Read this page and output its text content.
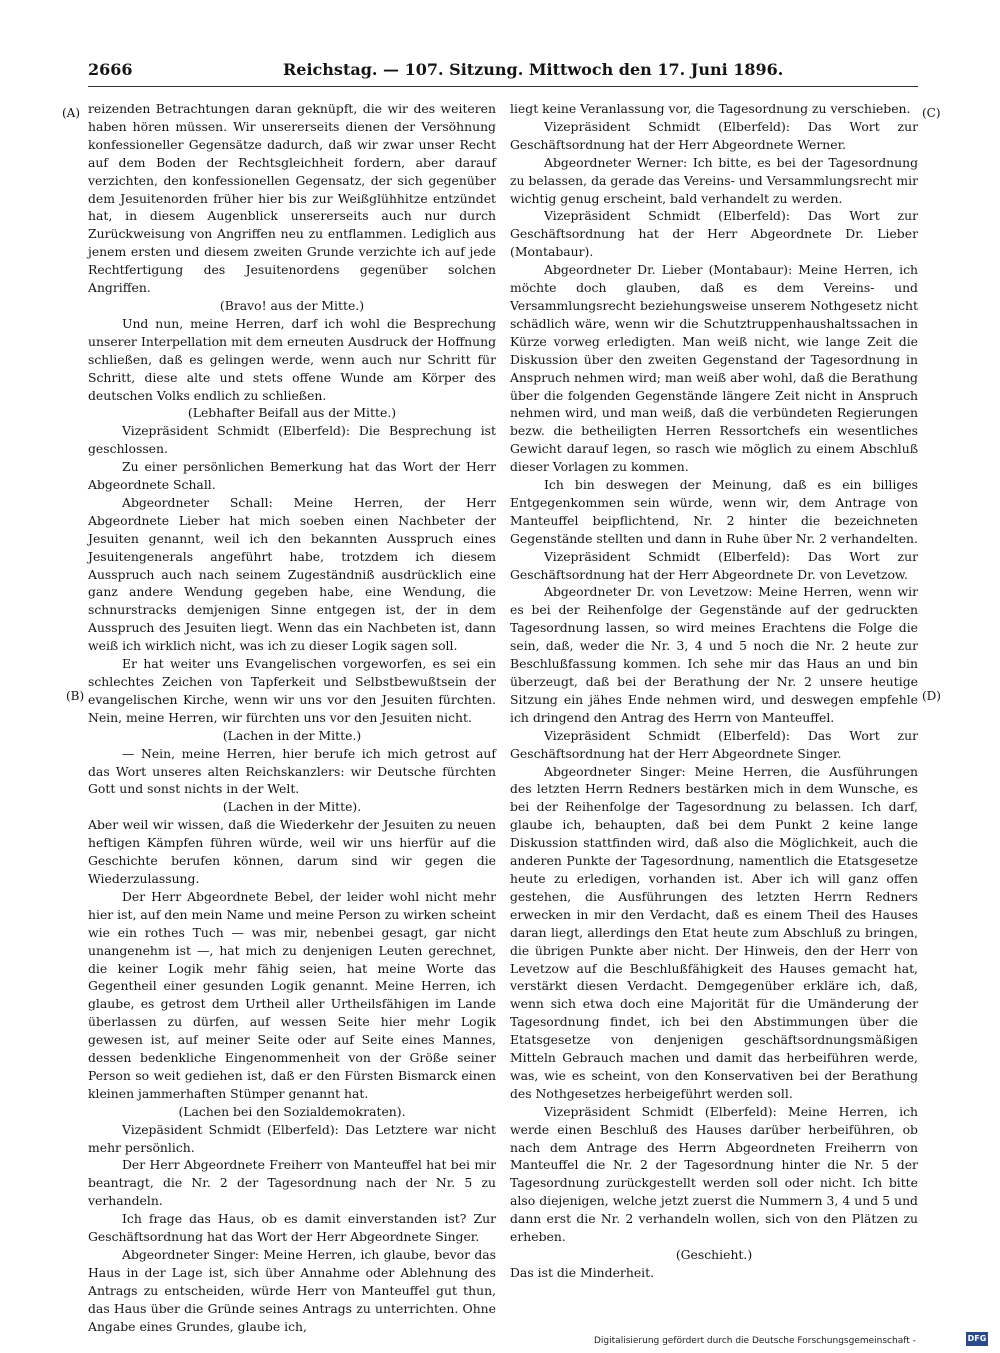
2666	Reichstag. — 107. Sitzung. Mittwoch den 17. Juni 1896.
(A)
(B)
(C)
(D)

reizenden Betrachtungen daran geknüpft, die wir des weiteren haben hören müssen. Wir unsererseits dienen der Versöhnung konfessioneller Gegensätze dadurch, daß wir zwar unser Recht auf dem Boden der Rechtsgleichheit fordern, aber darauf verzichten, den konfessionellen Gegensatz, der sich gegenüber dem Jesuitenorden früher hier bis zur Weißglühhitze entzündet hat, in diesem Augenblick unsererseits auch nur durch Zurückweisung von Angriffen neu zu entflammen. Lediglich aus jenem ersten und diesem zweiten Grunde verzichte ich auf jede Rechtfertigung des Jesuitenordens gegenüber solchen Angriffen.

(Bravo! aus der Mitte.)

Und nun, meine Herren, darf ich wohl die Besprechung unserer Interpellation mit dem erneuten Ausdruck der Hoffnung schließen, daß es gelingen werde, wenn auch nur Schritt für Schritt, diese alte und stets offene Wunde am Körper des deutschen Volks endlich zu schließen.

(Lebhafter Beifall aus der Mitte.)

Vizepräsident Schmidt (Elberfeld): Die Besprechung ist geschlossen.

Zu einer persönlichen Bemerkung hat das Wort der Herr Abgeordnete Schall.

Abgeordneter Schall: Meine Herren, der Herr Abgeordnete Lieber hat mich soeben einen Nachbeter der Jesuiten genannt, weil ich den bekannten Ausspruch eines Jesuitengenerals angeführt habe, trotzdem ich diesem Ausspruch auch nach seinem Zugeständniß ausdrücklich eine ganz andere Wendung gegeben habe, eine Wendung, die schnurstracks demjenigen Sinne entgegen ist, der in dem Ausspruch des Jesuiten liegt. Wenn das ein Nachbeten ist, dann weiß ich wirklich nicht, was ich zu dieser Logik sagen soll.

Er hat weiter uns Evangelischen vorgeworfen, es sei ein schlechtes Zeichen von Tapferkeit und Selbstbewußtsein der evangelischen Kirche, wenn wir uns vor den Jesuiten fürchten. Nein, meine Herren, wir fürchten uns vor den Jesuiten nicht.

(Lachen in der Mitte.)

— Nein, meine Herren, hier berufe ich mich getrost auf das Wort unseres alten Reichskanzlers: wir Deutsche fürchten Gott und sonst nichts in der Welt.

(Lachen in der Mitte).

Aber weil wir wissen, daß die Wiederkehr der Jesuiten zu neuen heftigen Kämpfen führen würde, weil wir uns hierfür auf die Geschichte berufen können, darum sind wir gegen die Wiederzulassung.

Der Herr Abgeordnete Bebel, der leider wohl nicht mehr hier ist, auf den mein Name und meine Person zu wirken scheint wie ein rothes Tuch — was mir, nebenbei gesagt, gar nicht unangenehm ist —, hat mich zu denjenigen Leuten gerechnet, die keiner Logik mehr fähig seien, hat meine Worte das Gegentheil einer gesunden Logik genannt. Meine Herren, ich glaube, es getrost dem Urtheil aller Urtheilsfähigen im Lande überlassen zu dürfen, auf wessen Seite hier mehr Logik gewesen ist, auf meiner Seite oder auf Seite eines Mannes, dessen bedenkliche Eingenommenheit von der Größe seiner Person so weit gediehen ist, daß er den Fürsten Bismarck einen kleinen jammerhaften Stümper genannt hat.

(Lachen bei den Sozialdemokraten).

Vizepäsident Schmidt (Elberfeld): Das Letztere war nicht mehr persönlich.

Der Herr Abgeordnete Freiherr von Manteuffel hat bei mir beantragt, die Nr. 2 der Tagesordnung nach der Nr. 5 zu verhandeln.

Ich frage das Haus, ob es damit einverstanden ist? Zur Geschäftsordnung hat das Wort der Herr Abgeordnete Singer.

Abgeordneter Singer: Meine Herren, ich glaube, bevor das Haus in der Lage ist, sich über Annahme oder Ablehnung des Antrags zu entscheiden, würde Herr von Manteuffel gut thun, das Haus über die Gründe seines Antrags zu unterrichten. Ohne Angabe eines Grundes, glaube ich,

liegt keine Veranlassung vor, die Tagesordnung zu verschieben.

Vizepräsident Schmidt (Elberfeld): Das Wort zur Geschäftsordnung hat der Herr Abgeordnete Werner.

Abgeordneter Werner: Ich bitte, es bei der Tagesordnung zu belassen, da gerade das Vereins- und Versammlungsrecht mir wichtig genug erscheint, bald verhandelt zu werden.

Vizepräsident Schmidt (Elberfeld): Das Wort zur Geschäftsordnung hat der Herr Abgeordnete Dr. Lieber (Montabaur).

Abgeordneter Dr. Lieber (Montabaur): Meine Herren, ich möchte doch glauben, daß es dem Vereins- und Versammlungsrecht beziehungsweise unserem Nothgesetz nicht schädlich wäre, wenn wir die Schutztruppenhaushaltssachen in Kürze vorweg erledigten. Man weiß nicht, wie lange Zeit die Diskussion über den zweiten Gegenstand der Tagesordnung in Anspruch nehmen wird; man weiß aber wohl, daß die Berathung über die folgenden Gegenstände längere Zeit nicht in Anspruch nehmen wird, und man weiß, daß die verbündeten Regierungen bezw. die betheiligten Herren Ressortchefs ein wesentliches Gewicht darauf legen, so rasch wie möglich zu einem Abschluß dieser Vorlagen zu kommen.

Ich bin deswegen der Meinung, daß es ein billiges Entgegenkommen sein würde, wenn wir, dem Antrage von Manteuffel beipflichtend, Nr. 2 hinter die bezeichneten Gegenstände stellten und dann in Ruhe über Nr. 2 verhandelten.

Vizepräsident Schmidt (Elberfeld): Das Wort zur Geschäftsordnung hat der Herr Abgeordnete Dr. von Levetzow.

Abgeordneter Dr. von Levetzow: Meine Herren, wenn wir es bei der Reihenfolge der Gegenstände auf der gedruckten Tagesordnung lassen, so wird meines Erachtens die Folge die sein, daß, weder die Nr. 3, 4 und 5 noch die Nr. 2 heute zur Beschlußfassung kommen. Ich sehe mir das Haus an und bin überzeugt, daß bei der Berathung der Nr. 2 unsere heutige Sitzung ein jähes Ende nehmen wird, und deswegen empfehle ich dringend den Antrag des Herrn von Manteuffel.

Vizepräsident Schmidt (Elberfeld): Das Wort zur Geschäftsordnung hat der Herr Abgeordnete Singer.

Abgeordneter Singer: Meine Herren, die Ausführungen des letzten Herrn Redners bestärken mich in dem Wunsche, es bei der Reihenfolge der Tagesordnung zu belassen. Ich darf, glaube ich, behaupten, daß bei dem Punkt 2 keine lange Diskussion stattfinden wird, daß also die Möglichkeit, auch die anderen Punkte der Tagesordnung, namentlich die Etatsgesetze heute zu erledigen, vorhanden ist. Aber ich will ganz offen gestehen, die Ausführungen des letzten Herrn Redners erwecken in mir den Verdacht, daß es einem Theil des Hauses daran liegt, allerdings den Etat heute zum Abschluß zu bringen, die übrigen Punkte aber nicht. Der Hinweis, den der Herr von Levetzow auf die Beschlußfähigkeit des Hauses gemacht hat, verstärkt diesen Verdacht. Demgegenüber erkläre ich, daß, wenn sich etwa doch eine Majorität für die Umänderung der Tagesordnung findet, ich bei den Abstimmungen über die Etatsgesetze von denjenigen geschäftsordnungsmäßigen Mitteln Gebrauch machen und damit das herbeiführen werde, was, wie es scheint, von den Konservativen bei der Berathung des Nothgesetzes herbeigeführt werden soll.

Vizepräsident Schmidt (Elberfeld): Meine Herren, ich werde einen Beschluß des Hauses darüber herbeiführen, ob nach dem Antrage des Herrn Abgeordneten Freiherrn von Manteuffel die Nr. 2 der Tagesordnung hinter die Nr. 5 der Tagesordnung zurückgestellt werden soll oder nicht. Ich bitte also diejenigen, welche jetzt zuerst die Nummern 3, 4 und 5 und dann erst die Nr. 2 verhandeln wollen, sich von den Plätzen zu erheben.

(Geschieht.)

Das ist die Minderheit.

Digitalisierung gefördert durch die Deutsche Forschungsgemeinschaft -	DFG
